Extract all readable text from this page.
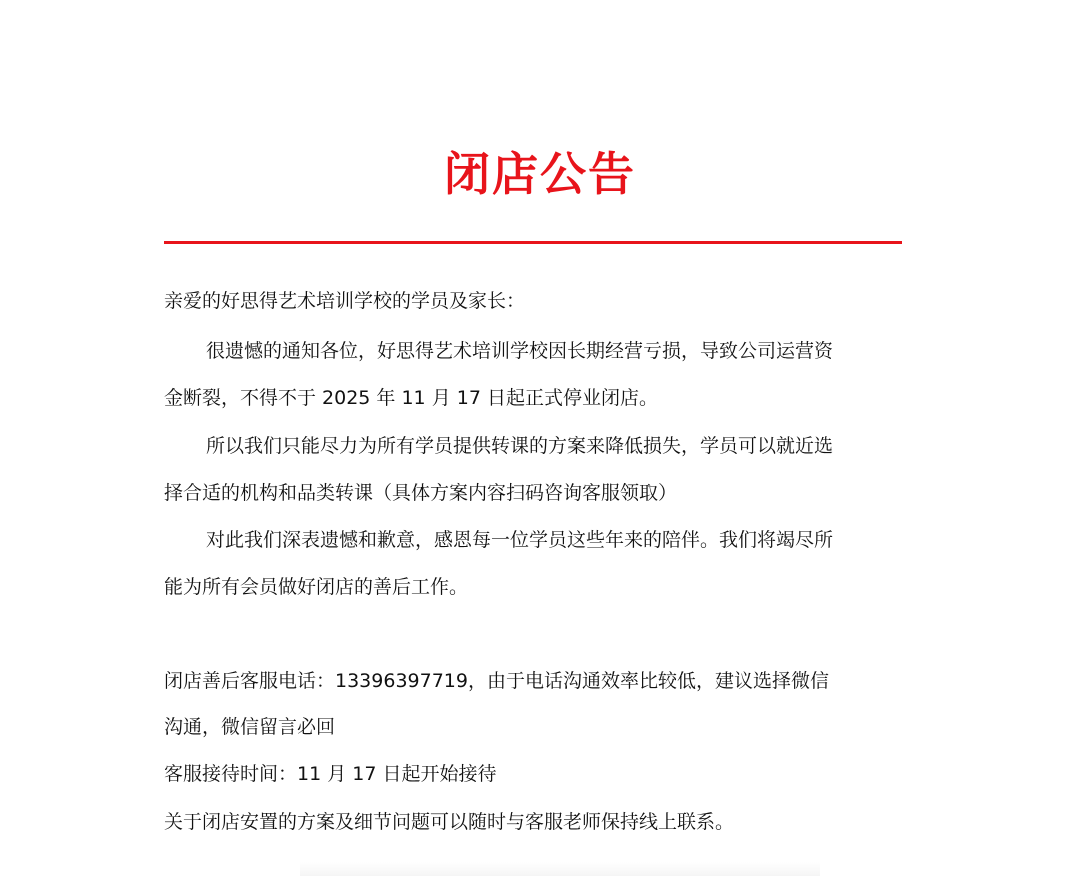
闭店公告
亲爱的好思得艺术培训学校的学员及家长：
很遗憾的通知各位，好思得艺术培训学校因长期经营亏损，导致公司运营资
金断裂，不得不于 2025 年 11 月 17 日起正式停业闭店。
所以我们只能尽力为所有学员提供转课的方案来降低损失，学员可以就近选
择合适的机构和品类转课（具体方案内容扫码咨询客服领取）
对此我们深表遗憾和歉意，感恩每一位学员这些年来的陪伴。我们将竭尽所
能为所有会员做好闭店的善后工作。
闭店善后客服电话：13396397719，由于电话沟通效率比较低，建议选择微信
沟通，微信留言必回
客服接待时间：11 月 17 日起开始接待
关于闭店安置的方案及细节问题可以随时与客服老师保持线上联系。
